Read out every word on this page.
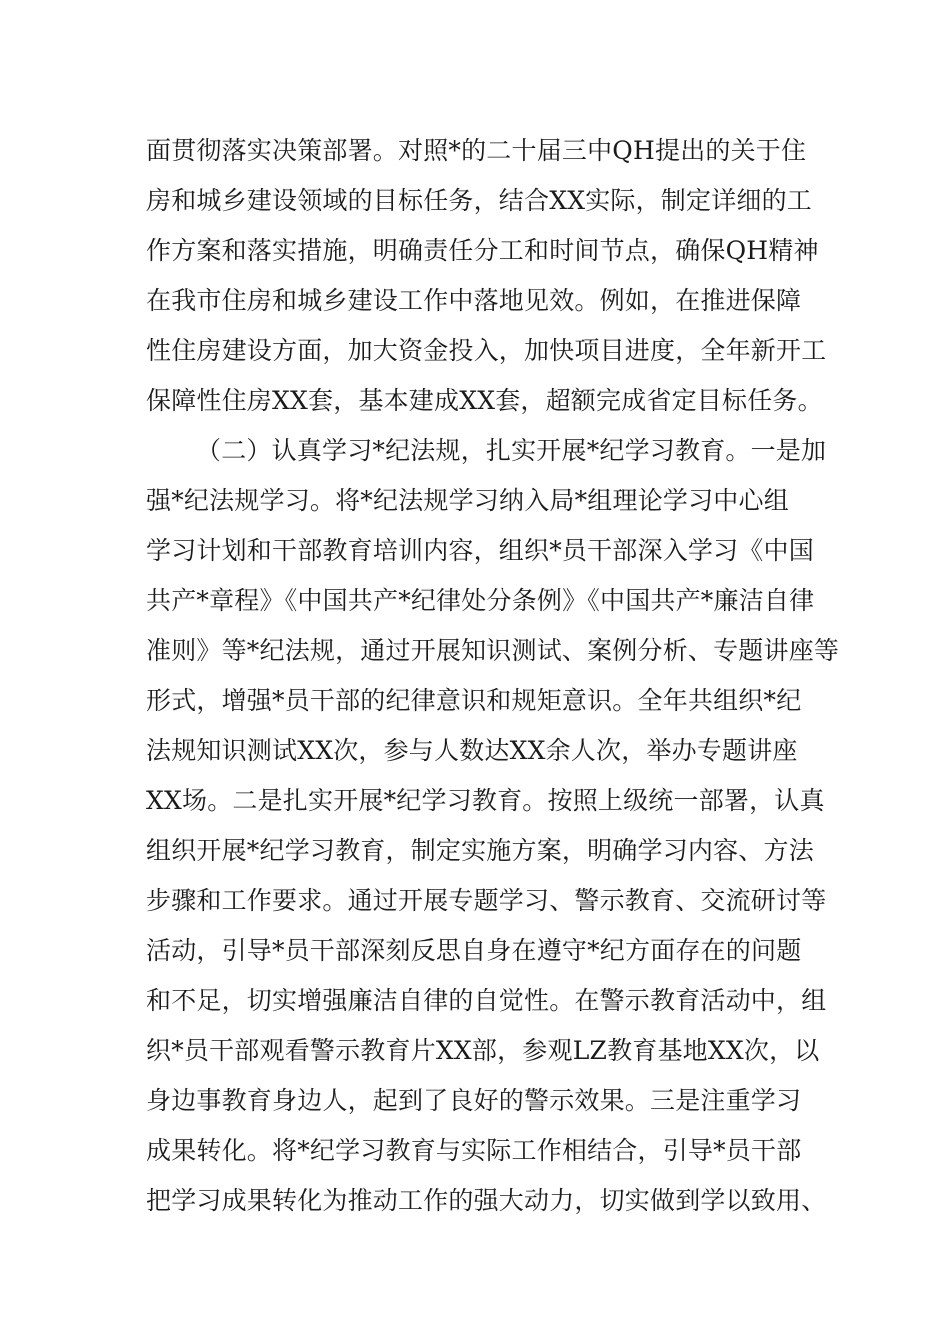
面贯彻落实决策部署。对照*的二十届三中QH提出的关于住
房和城乡建设领域的目标任务，结合XX实际，制定详细的工
作方案和落实措施，明确责任分工和时间节点，确保QH精神
在我市住房和城乡建设工作中落地见效。例如，在推进保障
性住房建设方面，加大资金投入，加快项目进度，全年新开工
保障性住房XX套，基本建成XX套，超额完成省定目标任务。
（二）认真学习*纪法规，扎实开展*纪学习教育。一是加
强*纪法规学习。将*纪法规学习纳入局*组理论学习中心组
学习计划和干部教育培训内容，组织*员干部深入学习《中国
共产*章程》《中国共产*纪律处分条例》《中国共产*廉洁自律
准则》等*纪法规，通过开展知识测试、案例分析、专题讲座等
形式，增强*员干部的纪律意识和规矩意识。全年共组织*纪
法规知识测试XX次，参与人数达XX余人次，举办专题讲座
XX场。二是扎实开展*纪学习教育。按照上级统一部署，认真
组织开展*纪学习教育，制定实施方案，明确学习内容、方法
步骤和工作要求。通过开展专题学习、警示教育、交流研讨等
活动，引导*员干部深刻反思自身在遵守*纪方面存在的问题
和不足，切实增强廉洁自律的自觉性。在警示教育活动中，组
织*员干部观看警示教育片XX部，参观LZ教育基地XX次，以
身边事教育身边人，起到了良好的警示效果。三是注重学习
成果转化。将*纪学习教育与实际工作相结合，引导*员干部
把学习成果转化为推动工作的强大动力，切实做到学以致用、
